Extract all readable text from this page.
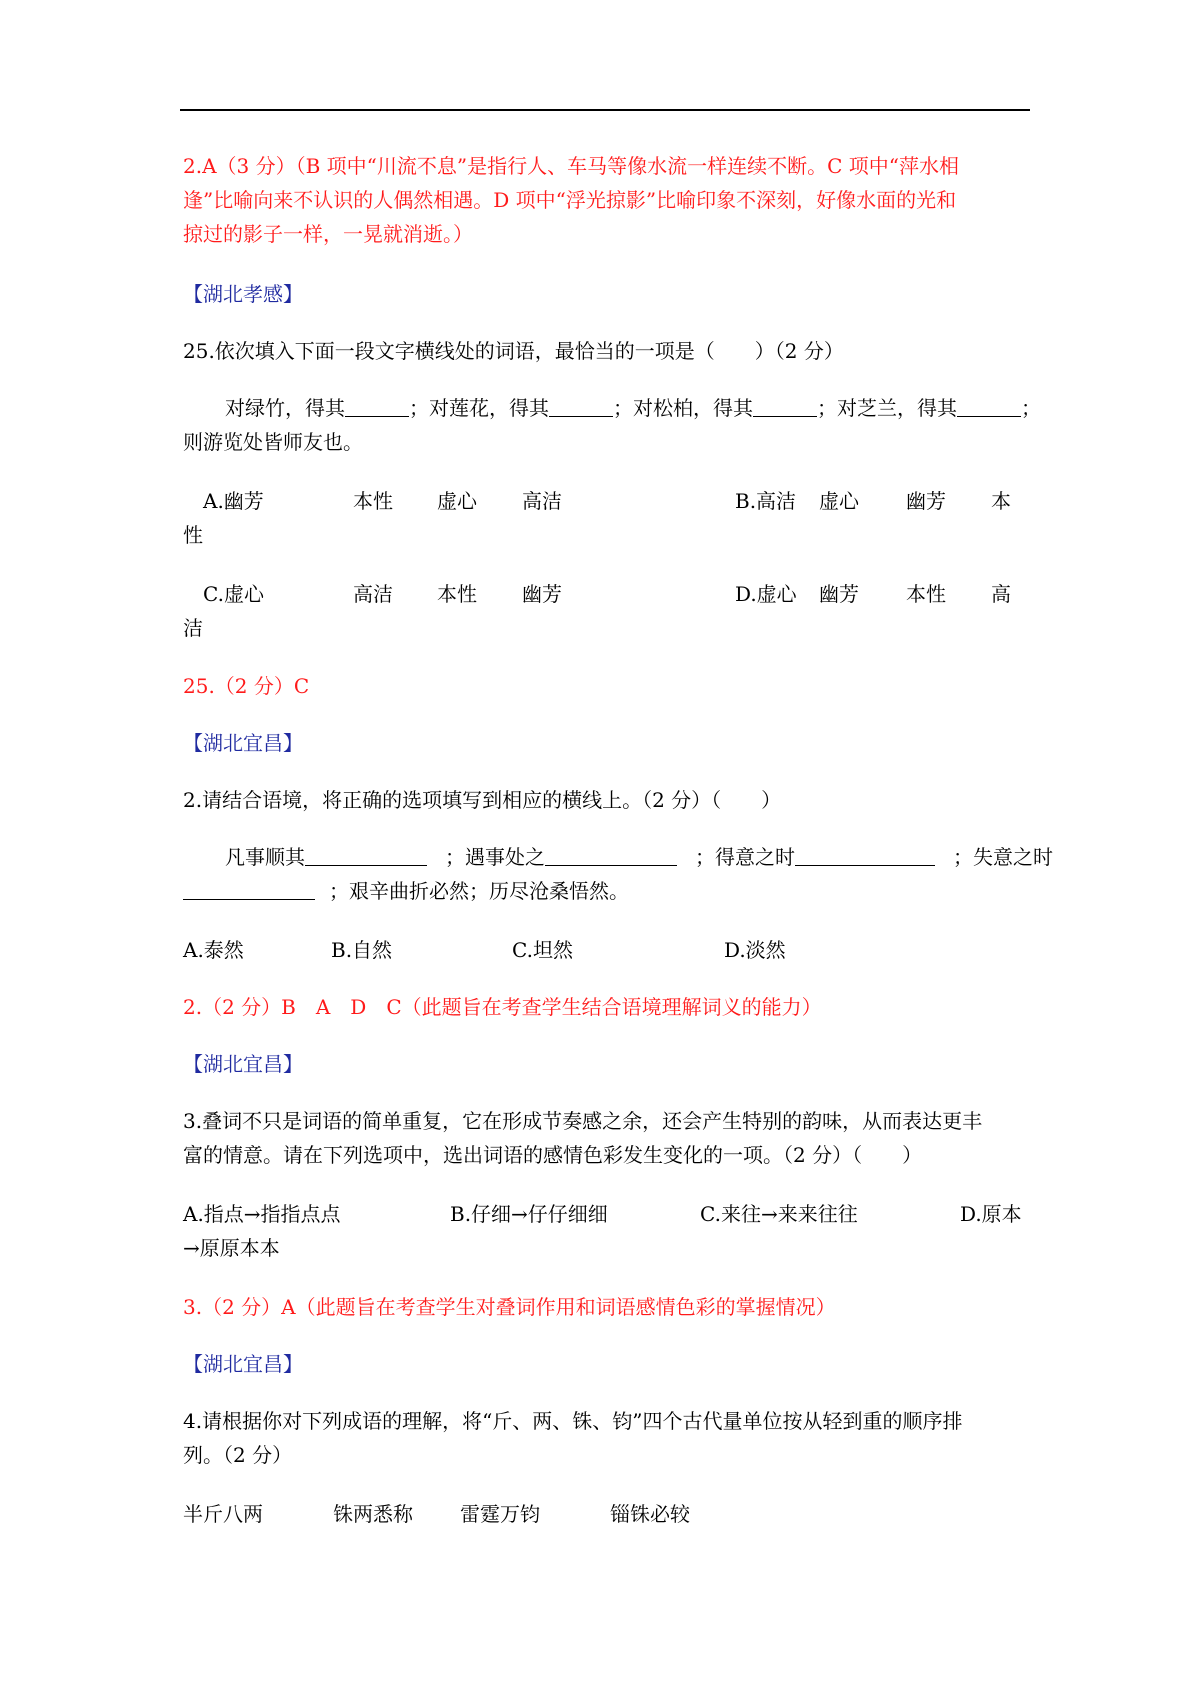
2.A（3 分）（B 项中“川流不息”是指行人、车马等像水流一样连续不断。C 项中“萍水相
逢”比喻向来不认识的人偶然相遇。D 项中“浮光掠影”比喻印象不深刻，好像水面的光和
掠过的影子一样，一晃就消逝。）
【湖北孝感】
25.依次填入下面一段文字横线处的词语，最恰当的一项是（　　）（2 分）
对绿竹，得其	；对莲花，得其	；对松柏，得其	；对芝兰，得其	；
则游览处皆师友也。
A.幽芳	本性 虚心 高洁	B.高洁 虚心 幽芳 本
性
C.虚心	高洁 本性 幽芳	D.虚心 幽芳 本性 高
洁
25.（2 分）C
【湖北宜昌】
2.请结合语境，将正确的选项填写到相应的横线上。（2 分）（　　）
凡事顺其	；遇事处之	；得意之时	；失意之时
；艰辛曲折必然；历尽沧桑悟然。
A.泰然	B.自然	C.坦然	D.淡然
2.（2 分）B　A　D　C（此题旨在考查学生结合语境理解词义的能力）
【湖北宜昌】
3.叠词不只是词语的简单重复，它在形成节奏感之余，还会产生特别的韵味，从而表达更丰
富的情意。请在下列选项中，选出词语的感情色彩发生变化的一项。（2 分）（　　）
A.指点→指指点点	B.仔细→仔仔细细	C.来往→来来往往	D.原本
→原原本本
3.（2 分）A（此题旨在考查学生对叠词作用和词语感情色彩的掌握情况）
【湖北宜昌】
4.请根据你对下列成语的理解，将“斤、两、铢、钧”四个古代量单位按从轻到重的顺序排
列。（2 分）
半斤八两	铢两悉称 雷霆万钧	锱铢必较
